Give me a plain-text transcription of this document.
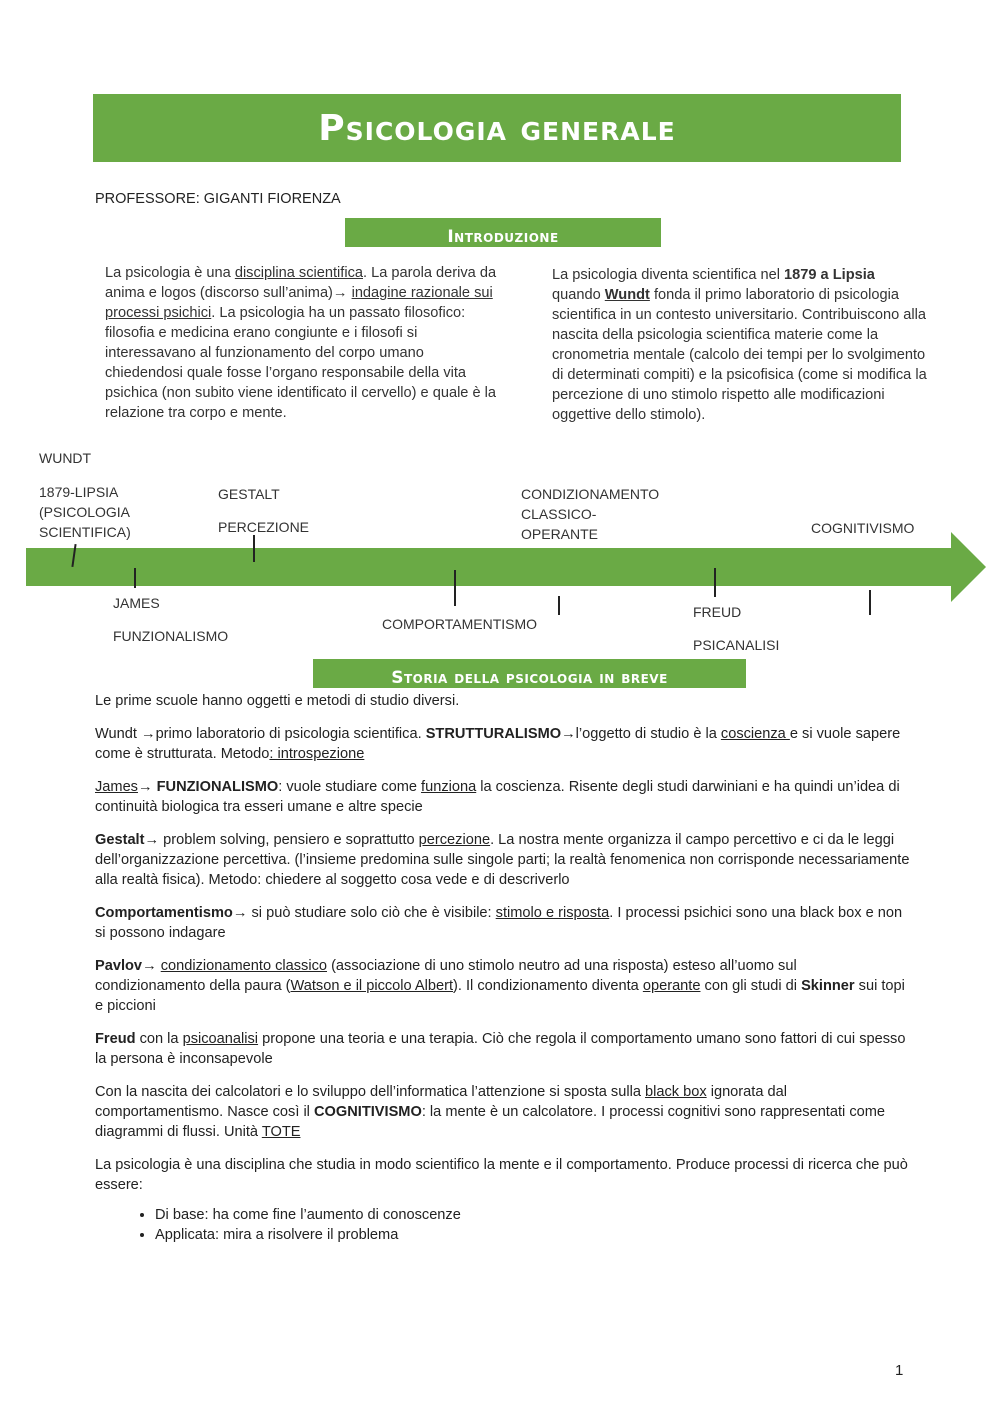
Psicologia generale
PROFESSORE: GIGANTI FIORENZA
Introduzione
La psicologia è una disciplina scientifica. La parola deriva da anima e logos (discorso sull’anima)→ indagine razionale sui processi psichici. La psicologia ha un passato filosofico: filosofia e medicina erano congiunte e i filosofi si interessavano al funzionamento del corpo umano chiedendosi quale fosse l’organo responsabile della vita psichica (non subito viene identificato il cervello) e quale è la relazione tra corpo e mente.
La psicologia diventa scientifica nel 1879 a Lipsia quando Wundt fonda il primo laboratorio di psicologia scientifica in un contesto universitario. Contribuiscono alla nascita della psicologia scientifica materie come la cronometria mentale (calcolo dei tempi per lo svolgimento di determinati compiti) e la psicofisica (come si modifica la percezione di uno stimolo rispetto alle modificazioni oggettive dello stimolo).
WUNDT
1879-LIPSIA
(PSICOLOGIA
SCIENTIFICA)
GESTALT
PERCEZIONE
CONDIZIONAMENTO
CLASSICO-
OPERANTE	COGNITIVISMO
JAMES
FUNZIONALISMO
COMPORTAMENTISMO
FREUD
PSICANALISI
Storia della psicologia in breve

Le prime scuole hanno oggetti e metodi di studio diversi.

Wundt →primo laboratorio di psicologia scientifica. STRUTTURALISMO→l’oggetto di studio è la coscienza e si vuole sapere come è strutturata. Metodo: introspezione

James→ FUNZIONALISMO: vuole studiare come funziona la coscienza. Risente degli studi darwiniani e ha quindi un’idea di continuità biologica tra esseri umane e altre specie

Gestalt→ problem solving, pensiero e soprattutto percezione. La nostra mente organizza il campo percettivo e ci da le leggi dell’organizzazione percettiva. (l’insieme predomina sulle singole parti; la realtà fenomenica non corrisponde necessariamente alla realtà fisica). Metodo: chiedere al soggetto cosa vede e di descriverlo

Comportamentismo→ si può studiare solo ciò che è visibile: stimolo e risposta. I processi psichici sono una black box e non si possono indagare

Pavlov→ condizionamento classico (associazione di uno stimolo neutro ad una risposta) esteso all’uomo sul condizionamento della paura (Watson e il piccolo Albert). Il condizionamento diventa operante con gli studi di Skinner sui topi e piccioni

Freud con la psicoanalisi propone una teoria e una terapia. Ciò che regola il comportamento umano sono fattori di cui spesso la persona è inconsapevole

Con la nascita dei calcolatori e lo sviluppo dell’informatica l’attenzione si sposta sulla black box ignorata dal comportamentismo. Nasce così il COGNITIVISMO: la mente è un calcolatore. I processi cognitivi sono rappresentati come diagrammi di flussi. Unità TOTE

La psicologia è una disciplina che studia in modo scientifico la mente e il comportamento. Produce processi di ricerca che può essere:

• Di base: ha come fine l’aumento di conoscenze
• Applicata: mira a risolvere il problema
1
